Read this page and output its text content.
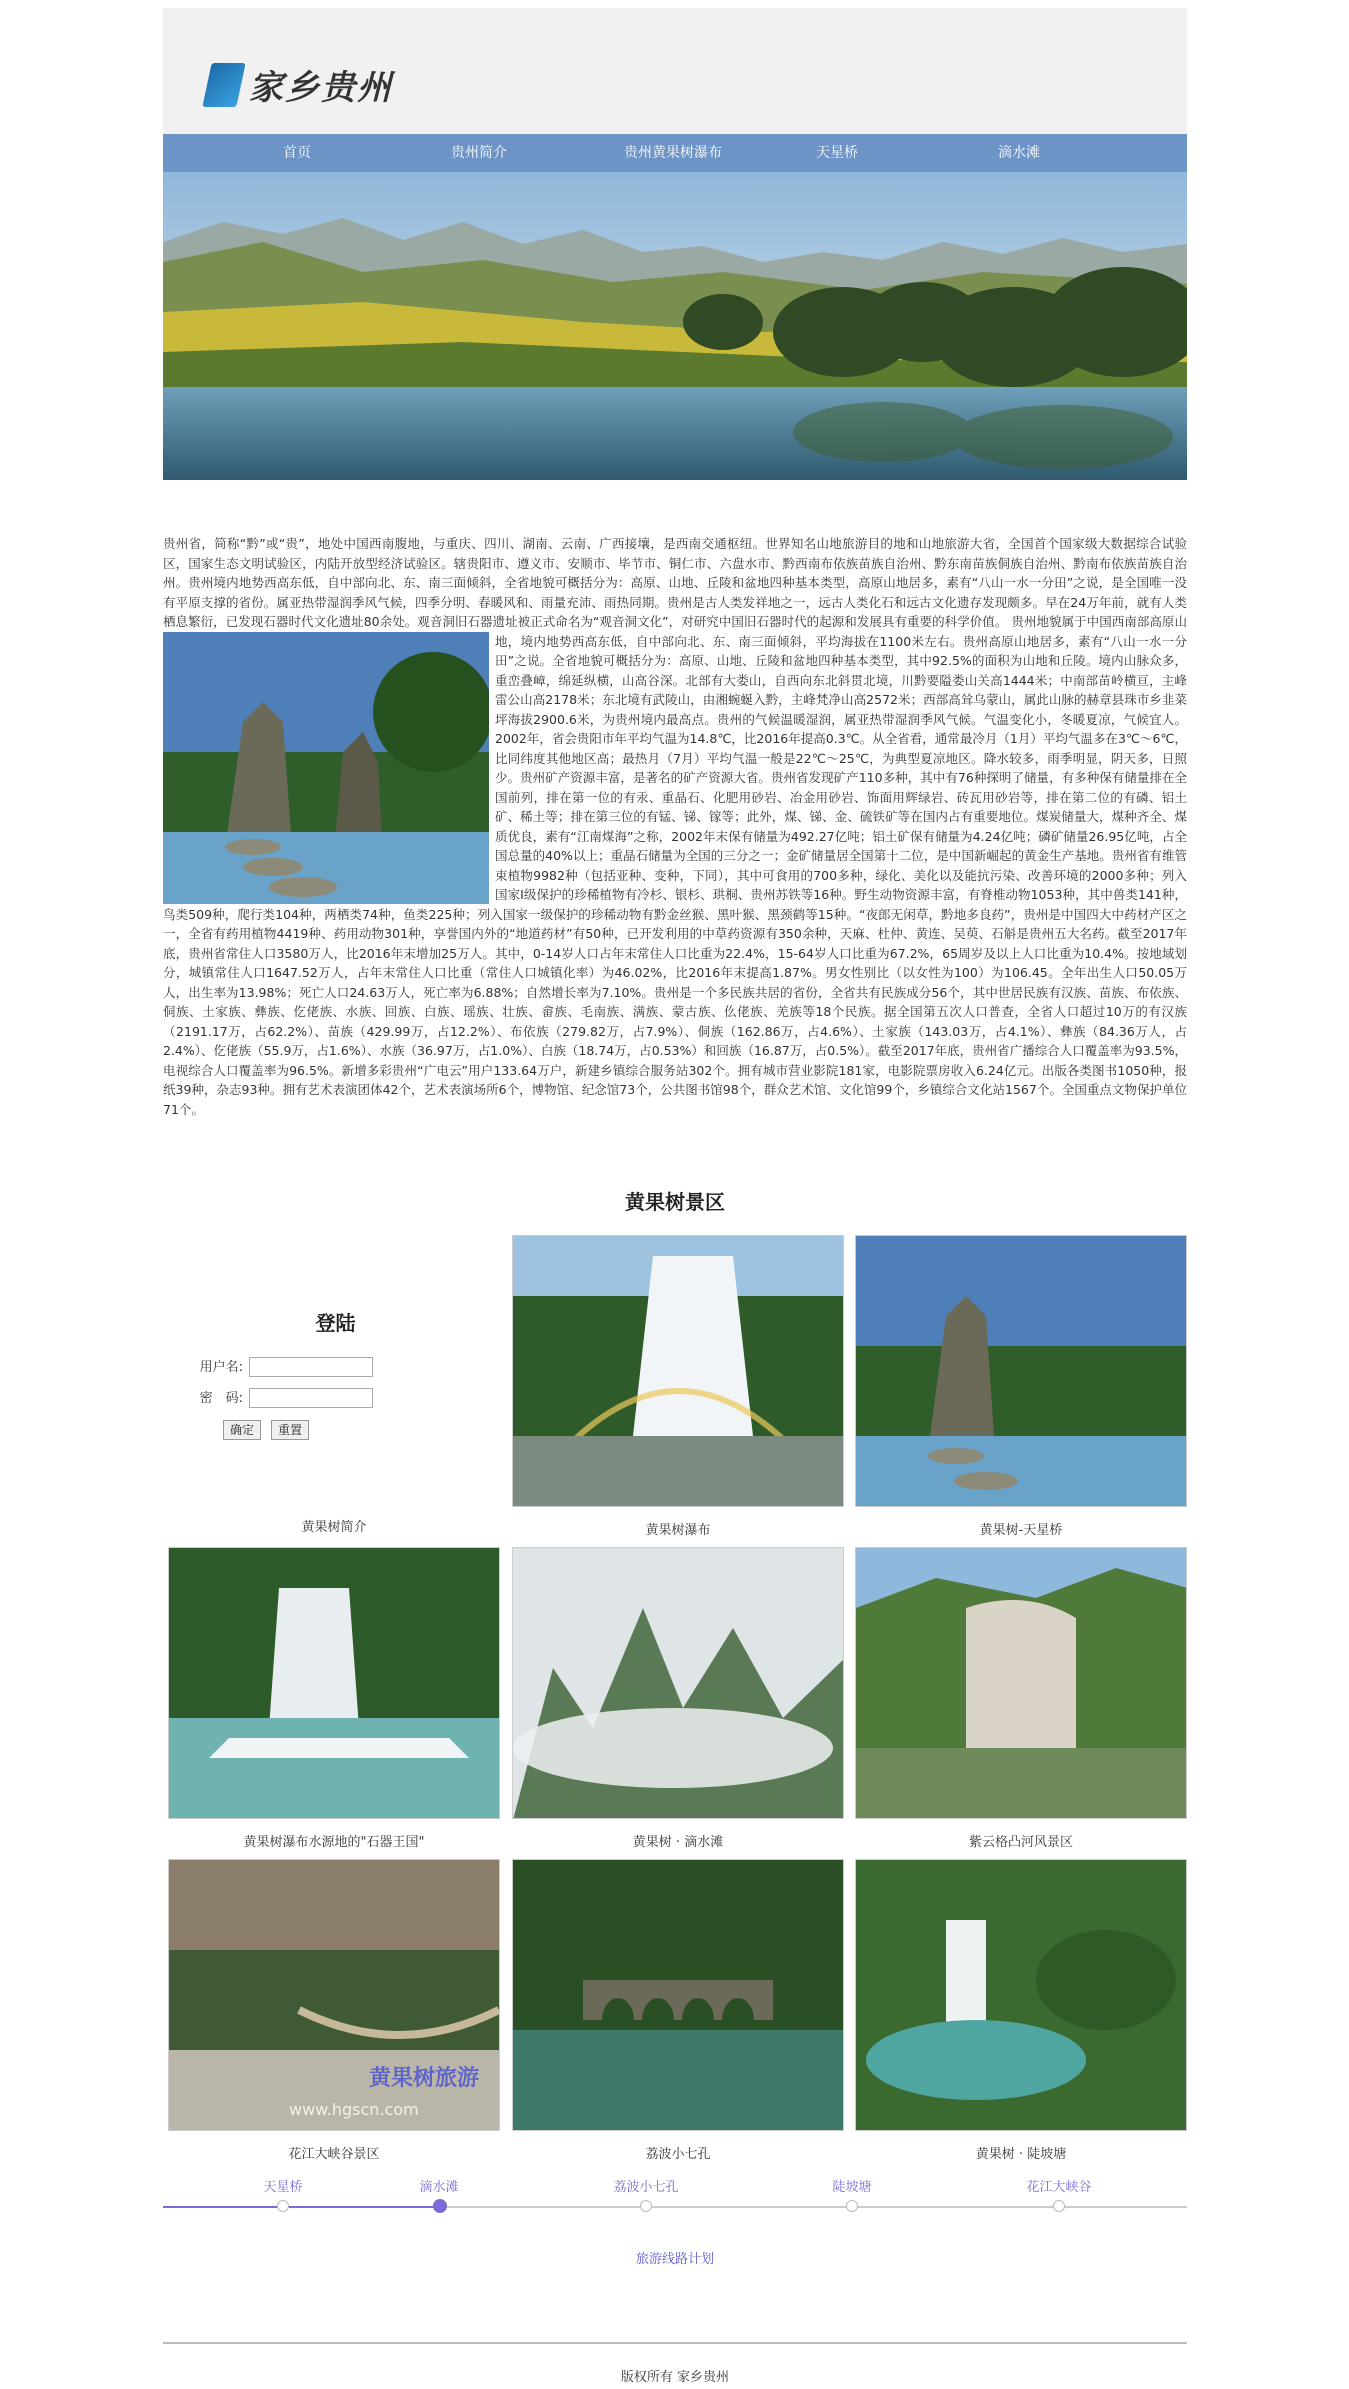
家乡贵州
首页	贵州简介	贵州黄果树瀑布	天星桥	滴水滩
贵州省，简称“黔”或“贵”，地处中国西南腹地，与重庆、四川、湖南、云南、广西接壤，是西南交通枢纽。世界知名山地旅游目的地和山地旅游大省，全国首个国家级大数据综合试验区，国家生态文明试验区，内陆开放型经济试验区。辖贵阳市、遵义市、安顺市、毕节市、铜仁市、六盘水市、黔西南布依族苗族自治州、黔东南苗族侗族自治州、黔南布依族苗族自治州。贵州境内地势西高东低，自中部向北、东、南三面倾斜，全省地貌可概括分为：高原、山地、丘陵和盆地四种基本类型，高原山地居多，素有“八山一水一分田”之说，是全国唯一没有平原支撑的省份。属亚热带湿润季风气候，四季分明、春暖风和、雨量充沛、雨热同期。贵州是古人类发祥地之一，远古人类化石和远古文化遗存发现颇多。早在24万年前，就有人类栖息繁衍，已发现石器时代文化遗址80余处。观音洞旧石器遗址被正式命名为“观音洞文化”，对研究中国旧石器时代的起源和发展具有重要的科学价值。 贵州地貌属于中国西南部高原山地，境内地势西高东低，自中部向北、东、南三面倾斜，平均海拔在1100米左右。贵州高原山地居多，素有“八山一水一分田”之说。全省地貌可概括分为：高原、山地、丘陵和盆地四种基本类型，其中92.5%的面积为山地和丘陵。境内山脉众多，重峦叠嶂，绵延纵横，山高谷深。北部有大娄山，自西向东北斜贯北境，川黔要隘娄山关高1444米；中南部苗岭横亘，主峰雷公山高2178米；东北境有武陵山，由湘蜿蜒入黔，主峰梵净山高2572米；西部高耸乌蒙山，属此山脉的赫章县珠市乡韭菜坪海拔2900.6米，为贵州境内最高点。贵州的气候温暖湿润，属亚热带湿润季风气候。气温变化小，冬暖夏凉，气候宜人。2002年，省会贵阳市年平均气温为14.8℃，比2016年提高0.3℃。从全省看，通常最冷月（1月）平均气温多在3℃～6℃，比同纬度其他地区高；最热月（7月）平均气温一般是22℃～25℃，为典型夏凉地区。降水较多，雨季明显，阴天多，日照少。贵州矿产资源丰富，是著名的矿产资源大省。贵州省发现矿产110多种，其中有76种探明了储量，有多种保有储量排在全国前列，排在第一位的有汞、重晶石、化肥用砂岩、冶金用砂岩、饰面用辉绿岩、砖瓦用砂岩等，排在第二位的有磷、铝土矿、稀土等；排在第三位的有锰、锑、镓等；此外，煤、锑、金、硫铁矿等在国内占有重要地位。煤炭储量大，煤种齐全、煤质优良，素有“江南煤海”之称，2002年末保有储量为492.27亿吨；铝土矿保有储量为4.24亿吨；磷矿储量26.95亿吨，占全国总量的40%以上；重晶石储量为全国的三分之一；金矿储量居全国第十二位，是中国新崛起的黄金生产基地。贵州省有维管束植物9982种（包括亚种、变种，下同），其中可食用的700多种，绿化、美化以及能抗污染、改善环境的2000多种；列入国家Ⅰ级保护的珍稀植物有冷杉、银杉、珙桐、贵州苏铁等16种。野生动物资源丰富，有脊椎动物1053种，其中兽类141种，鸟类509种，爬行类104种，两栖类74种，鱼类225种；列入国家一级保护的珍稀动物有黔金丝猴、黑叶猴、黑颈鹤等15种。“夜郎无闲草，黔地多良药”，贵州是中国四大中药材产区之一，全省有药用植物4419种、药用动物301种，享誉国内外的“地道药材”有50种，已开发利用的中草药资源有350余种，天麻、杜仲、黄连、吴萸、石斛是贵州五大名药。截至2017年底，贵州省常住人口3580万人，比2016年末增加25万人。其中，0-14岁人口占年末常住人口比重为22.4%，15-64岁人口比重为67.2%，65周岁及以上人口比重为10.4%。按地域划分，城镇常住人口1647.52万人，占年末常住人口比重（常住人口城镇化率）为46.02%，比2016年末提高1.87%。男女性别比（以女性为100）为106.45。全年出生人口50.05万人，出生率为13.98%；死亡人口24.63万人，死亡率为6.88%；自然增长率为7.10%。贵州是一个多民族共居的省份，全省共有民族成分56个，其中世居民族有汉族、苗族、布依族、侗族、土家族、彝族、仡佬族、水族、回族、白族、瑶族、壮族、畲族、毛南族、满族、蒙古族、仫佬族、羌族等18个民族。据全国第五次人口普查，全省人口超过10万的有汉族（2191.17万，占62.2%）、苗族（429.99万，占12.2%）、布依族（279.82万，占7.9%）、侗族（162.86万，占4.6%）、土家族（143.03万，占4.1%）、彝族（84.36万人，占2.4%）、仡佬族（55.9万，占1.6%）、水族（36.97万，占1.0%）、白族（18.74万，占0.53%）和回族（16.87万，占0.5%）。截至2017年底，贵州省广播综合人口覆盖率为93.5%，电视综合人口覆盖率为96.5%。新增多彩贵州“广电云”用户133.64万户，新建乡镇综合服务站302个。拥有城市营业影院181家，电影院票房收入6.24亿元。出版各类图书1050种，报纸39种，杂志93种。拥有艺术表演团体42个，艺术表演场所6个，博物馆、纪念馆73个，公共图书馆98个，群众艺术馆、文化馆99个，乡镇综合文化站1567个。全国重点文物保护单位71个。
黄果树景区
登陆
用户名:
密　码:
确定	重置
黄果树简介	黄果树瀑布	黄果树-天星桥
黄果树瀑布水源地的"石器王国"	黄果树 · 滴水滩	紫云格凸河风景区
黄果树旅游
www.hgscn.com
花江大峡谷景区	荔波小七孔	黄果树 · 陡坡塘
天星桥	滴水滩	荔波小七孔	陡坡塘	花江大峡谷
旅游线路计划
版权所有 家乡贵州
